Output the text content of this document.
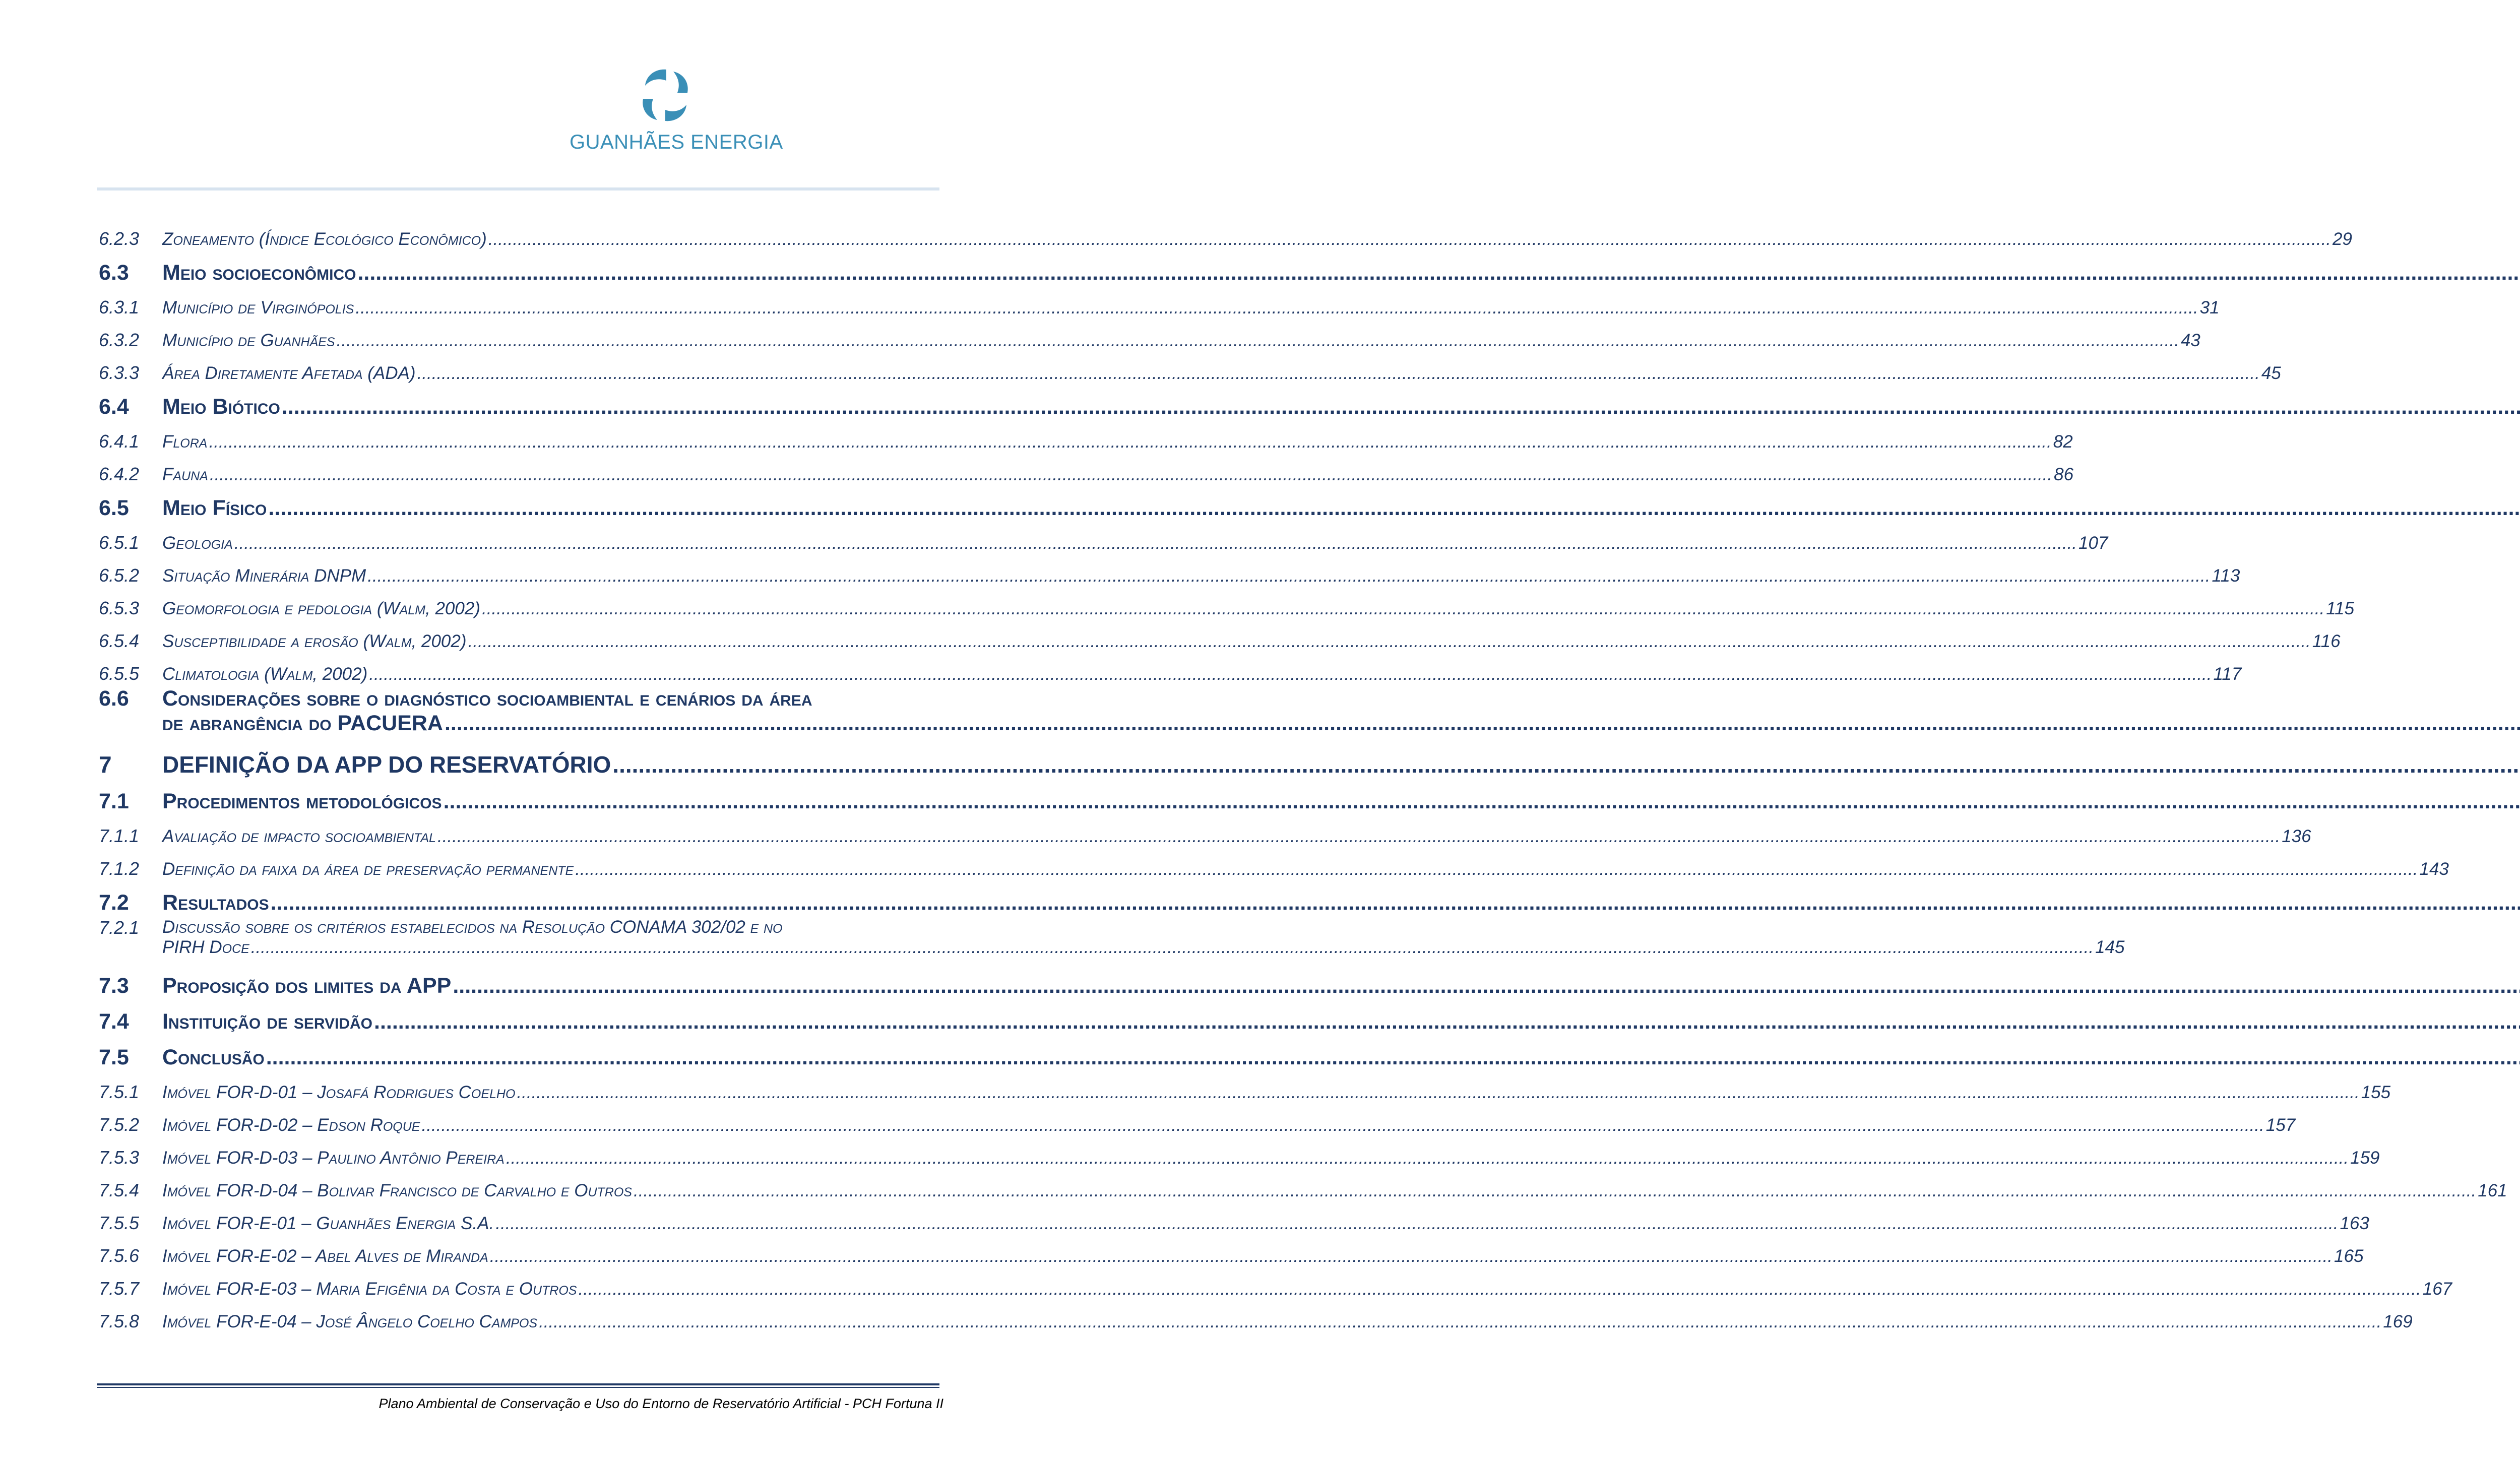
GUANHÃES ENERGIA
6.2.3	Zoneamento (Índice Ecológico Econômico) .....	29
6.3	Meio socioeconômico
.....
6.3.1	Município de Virginópolis .....	31
6.3.2	Município de Guanhães .....	43
6.3.3	Área Diretamente Afetada (ADA) .....	45
6.4	Meio Biótico
.....
6.4.1	Flora .....	82
6.4.2	Fauna .....	86
6.5	Meio Físico
.....
6.5.1	Geologia .....	107
6.5.2	Situação Minerária DNPM .....	113
6.5.3	Geomorfologia e pedologia (Walm, 2002) .....	115
6.5.4	Susceptibilidade a erosão (Walm, 2002) .....	116
6.5.5	Climatologia (Walm, 2002) .....	117
6.6	Considerações sobre o diagnóstico socioambiental e cenários da área
de abrangência do PACUERA
.....
7	DEFINIÇÃO DA APP DO RESERVATÓRIO
.....
7.1	Procedimentos metodológicos
.....
7.1.1	Avaliação de impacto socioambiental .....	136
7.1.2	Definição da faixa da área de preservação permanente .....	143
7.2	Resultados
.....
7.2.1	Discussão sobre os critérios estabelecidos na Resolução CONAMA 302/02 e no
PIRH Doce .....	145
7.3	Proposição dos limites da APP
.....
7.4	Instituição de servidão
.....
7.5	Conclusão
.....
7.5.1	Imóvel FOR-D-01 – Josafá Rodrigues Coelho .....	155
7.5.2	Imóvel FOR-D-02 – Edson Roque .....	157
7.5.3	Imóvel FOR-D-03 – Paulino Antônio Pereira .....	159
7.5.4	Imóvel FOR-D-04 – Bolivar Francisco de Carvalho e Outros .....	161
7.5.5	Imóvel FOR-E-01 – Guanhães Energia S.A. .....	163
7.5.6	Imóvel FOR-E-02 – Abel Alves de Miranda .....	165
7.5.7	Imóvel FOR-E-03 – Maria Efigênia da Costa e Outros .....	167
7.5.8	Imóvel FOR-E-04 – José Ângelo Coelho Campos .....	169
Plano Ambiental de Conservação e Uso do Entorno de Reservatório Artificial - PCH Fortuna II
